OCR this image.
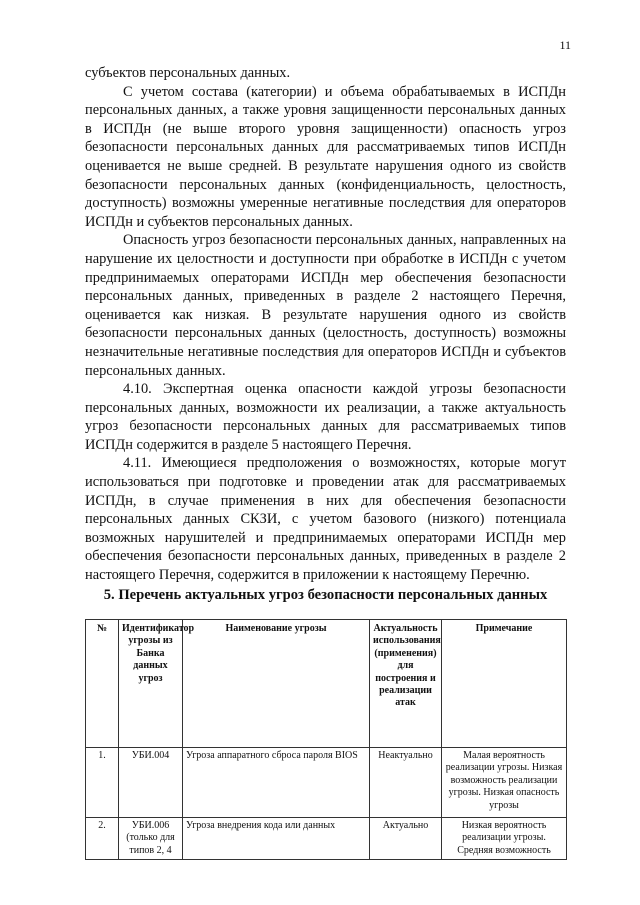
11

субъектов персональных данных.

С учетом состава (категории) и объема обрабатываемых в ИСПДн персональных данных, а также уровня защищенности персональных данных в ИСПДн (не выше второго уровня защищенности) опасность угроз безопасности персональных данных для рассматриваемых типов ИСПДн оценивается не выше средней. В результате нарушения одного из свойств безопасности персональных данных (конфиденциальность, целостность, доступность) возможны умеренные негативные последствия для операторов ИСПДн и субъектов персональных данных.

Опасность угроз безопасности персональных данных, направленных на нарушение их целостности и доступности при обработке в ИСПДн с учетом предпринимаемых операторами ИСПДн мер обеспечения безопасности персональных данных, приведенных в разделе 2 настоящего Перечня, оценивается как низкая. В результате нарушения одного из свойств безопасности персональных данных (целостность, доступность) возможны незначительные негативные последствия для операторов ИСПДн и субъектов персональных данных.

4.10. Экспертная оценка опасности каждой угрозы безопасности персональных данных, возможности их реализации, а также актуальность угроз безопасности персональных данных для рассматриваемых типов ИСПДн содержится в разделе 5 настоящего Перечня.

4.11. Имеющиеся предположения о возможностях, которые могут использоваться при подготовке и проведении атак для рассматриваемых ИСПДн, в случае применения в них для обеспечения безопасности персональных данных СКЗИ, с учетом базового (низкого) потенциала возможных нарушителей и предпринимаемых операторами ИСПДн мер обеспечения безопасности персональных данных, приведенных в разделе 2 настоящего Перечня, содержится в приложении к настоящему Перечню.

5. Перечень актуальных угроз безопасности персональных данных
№	Идентификатор угрозы из Банка данных угроз	Наименование угрозы	Актуальность использования (применения) для построения и реализации атак	Примечание
1.	УБИ.004	Угроза аппаратного сброса пароля BIOS	Неактуально	Малая вероятность реализации угрозы. Низкая возможность реализации угрозы. Низкая опасность угрозы
2.	УБИ.006 (только для типов 2, 4	Угроза внедрения кода или данных	Актуально	Низкая вероятность реализации угрозы. Средняя возможность
